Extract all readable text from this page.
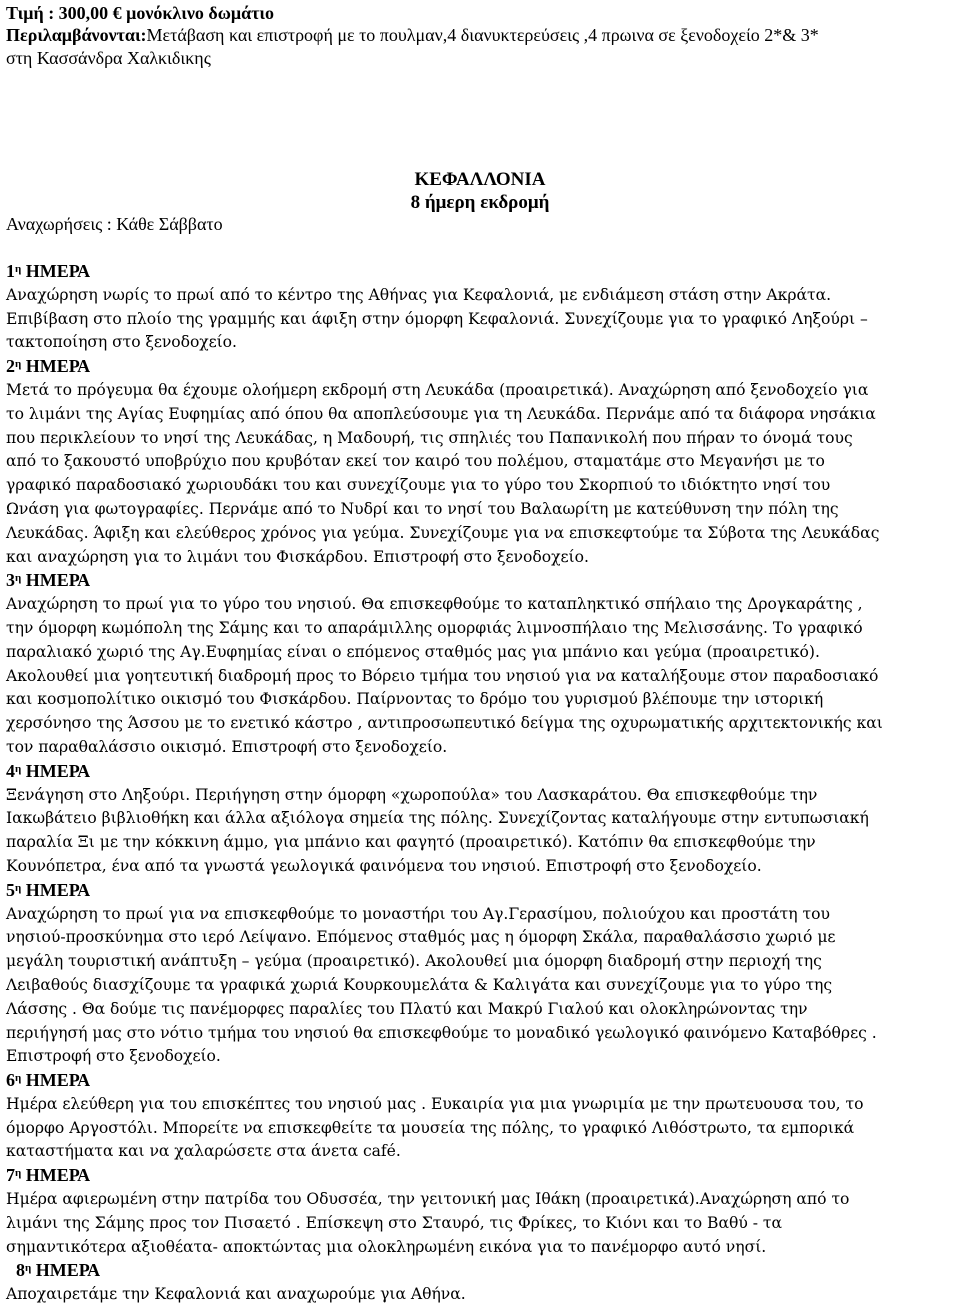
Τιμή : 300,00 € μονόκλινο δωμάτιο
Περιλαμβάνονται:Μετάβαση και επιστροφή με το πουλμαν,4 διανυκτερεύσεις ,4 πρωινα σε ξενοδοχείο 2*& 3*
στη Κασσάνδρα Χαλκιδικης
ΚΕΦΑΛΛΟΝΙΑ
8 ήμερη εκδρομή
Αναχωρήσεις : Κάθε Σάββατο
$1^\eta$ ΗΜΕΡΑ
Αναχώρηση νωρίς το πρωί από το κέντρο της Αθήνας για Κεφαλονιά, με ενδιάμεση στάση στην Ακράτα.
Επιβίβαση στο πλοίο της γραμμής και άφιξη στην όμορφη Κεφαλονιά. Συνεχίζουμε για το γραφικό Ληξούρι –
τακτοποίηση στο ξενοδοχείο.
$2^\eta$ ΗΜΕΡΑ
Μετά το πρόγευμα θα έχουμε ολοήμερη εκδρομή στη Λευκάδα (προαιρετικά). Αναχώρηση από ξενοδοχείο για
το λιμάνι της Αγίας Ευφημίας από όπου θα αποπλεύσουμε για τη Λευκάδα. Περνάμε από τα διάφορα νησάκια
που περικλείουν το νησί της Λευκάδας, η Μαδουρή, τις σπηλιές του Παπανικολή που πήραν το όνομά τους
από το ξακουστό υποβρύχιο που κρυβόταν εκεί τον καιρό του πολέμου, σταματάμε στο Μεγανήσι με το
γραφικό παραδοσιακό χωριουδάκι του και συνεχίζουμε για το γύρο του Σκορπιού το ιδιόκτητο νησί του
Ωνάση για φωτογραφίες. Περνάμε από το Νυδρί και το νησί του Βαλαωρίτη με κατεύθυνση την πόλη της
Λευκάδας. Άφιξη και ελεύθερος χρόνος για γεύμα. Συνεχίζουμε για να επισκεφτούμε τα Σύβοτα της Λευκάδας
και αναχώρηση για το λιμάνι του Φισκάρδου. Επιστροφή στο ξενοδοχείο.
$3^\eta$ ΗΜΕΡΑ
Αναχώρηση το πρωί για το γύρο του νησιού. Θα επισκεφθούμε το καταπληκτικό σπήλαιο της Δρογκαράτης ,
την όμορφη κωμόπολη της Σάμης και το απαράμιλλης ομορφιάς λιμνοσπήλαιο της Μελισσάνης. Το γραφικό
παραλιακό χωριό της Αγ.Ευφημίας είναι ο επόμενος σταθμός μας για μπάνιο και γεύμα (προαιρετικό).
Ακολουθεί μια γοητευτική διαδρομή προς το Βόρειο τμήμα του νησιού για να καταλήξουμε στον παραδοσιακό
και κοσμοπολίτικο οικισμό του Φισκάρδου. Παίρνοντας το δρόμο του γυρισμού βλέπουμε την ιστορική
χερσόνησο της Άσσου με το ενετικό κάστρο , αντιπροσωπευτικό δείγμα της οχυρωματικής αρχιτεκτονικής και
τον παραθαλάσσιο οικισμό. Επιστροφή στο ξενοδοχείο.
$4^\eta$ ΗΜΕΡΑ
Ξενάγηση στο Ληξούρι. Περιήγηση στην όμορφη «χωροπούλα» του Λασκαράτου. Θα επισκεφθούμε την
Ιακωβάτειο βιβλιοθήκη και άλλα αξιόλογα σημεία της πόλης. Συνεχίζοντας καταλήγουμε στην εντυπωσιακή
παραλία Ξι με την κόκκινη άμμο, για μπάνιο και φαγητό (προαιρετικό). Κατόπιν θα επισκεφθούμε την
Κουνόπετρα, ένα από τα γνωστά γεωλογικά φαινόμενα του νησιού. Επιστροφή στο ξενοδοχείο.
$5^\eta$ ΗΜΕΡΑ
Αναχώρηση το πρωί για να επισκεφθούμε το μοναστήρι του Αγ.Γερασίμου, πολιούχου και προστάτη του
νησιού-προσκύνημα στο ιερό Λείψανο. Επόμενος σταθμός μας η όμορφη Σκάλα, παραθαλάσσιο χωριό με
μεγάλη τουριστική ανάπτυξη – γεύμα (προαιρετικό). Ακολουθεί μια όμορφη διαδρομή στην περιοχή της
Λειβαθούς διασχίζουμε τα γραφικά χωριά Κουρκουμελάτα & Καλιγάτα και συνεχίζουμε για το γύρο της
Λάσσης . Θα δούμε τις πανέμορφες παραλίες του Πλατύ και Μακρύ Γιαλού και ολοκληρώνοντας την
περιήγησή μας στο νότιο τμήμα του νησιού θα επισκεφθούμε το μοναδικό γεωλογικό φαινόμενο Καταβόθρες .
Επιστροφή στο ξενοδοχείο.
$6^\eta$ ΗΜΕΡΑ
Ημέρα ελεύθερη για του επισκέπτες του νησιού μας . Ευκαιρία για μια γνωριμία με την πρωτευουσα του, το
όμορφο Αργοστόλι. Μπορείτε να επισκεφθείτε τα μουσεία της πόλης, το γραφικό Λιθόστρωτο, τα εμπορικά
καταστήματα και να χαλαρώσετε στα άνετα café.
$7^\eta$ ΗΜΕΡΑ
Ημέρα αφιερωμένη στην πατρίδα του Οδυσσέα, την γειτονική μας Ιθάκη (προαιρετικά).Αναχώρηση από το
λιμάνι της Σάμης προς τον Πισαετό . Επίσκεψη στο Σταυρό, τις Φρίκες, το Κιόνι και το Βαθύ - τα
σημαντικότερα αξιοθέατα- αποκτώντας μια ολοκληρωμένη εικόνα για το πανέμορφο αυτό νησί.
$8^\eta$ ΗΜΕΡΑ
Αποχαιρετάμε την Κεφαλονιά και αναχωρούμε για Αθήνα.
